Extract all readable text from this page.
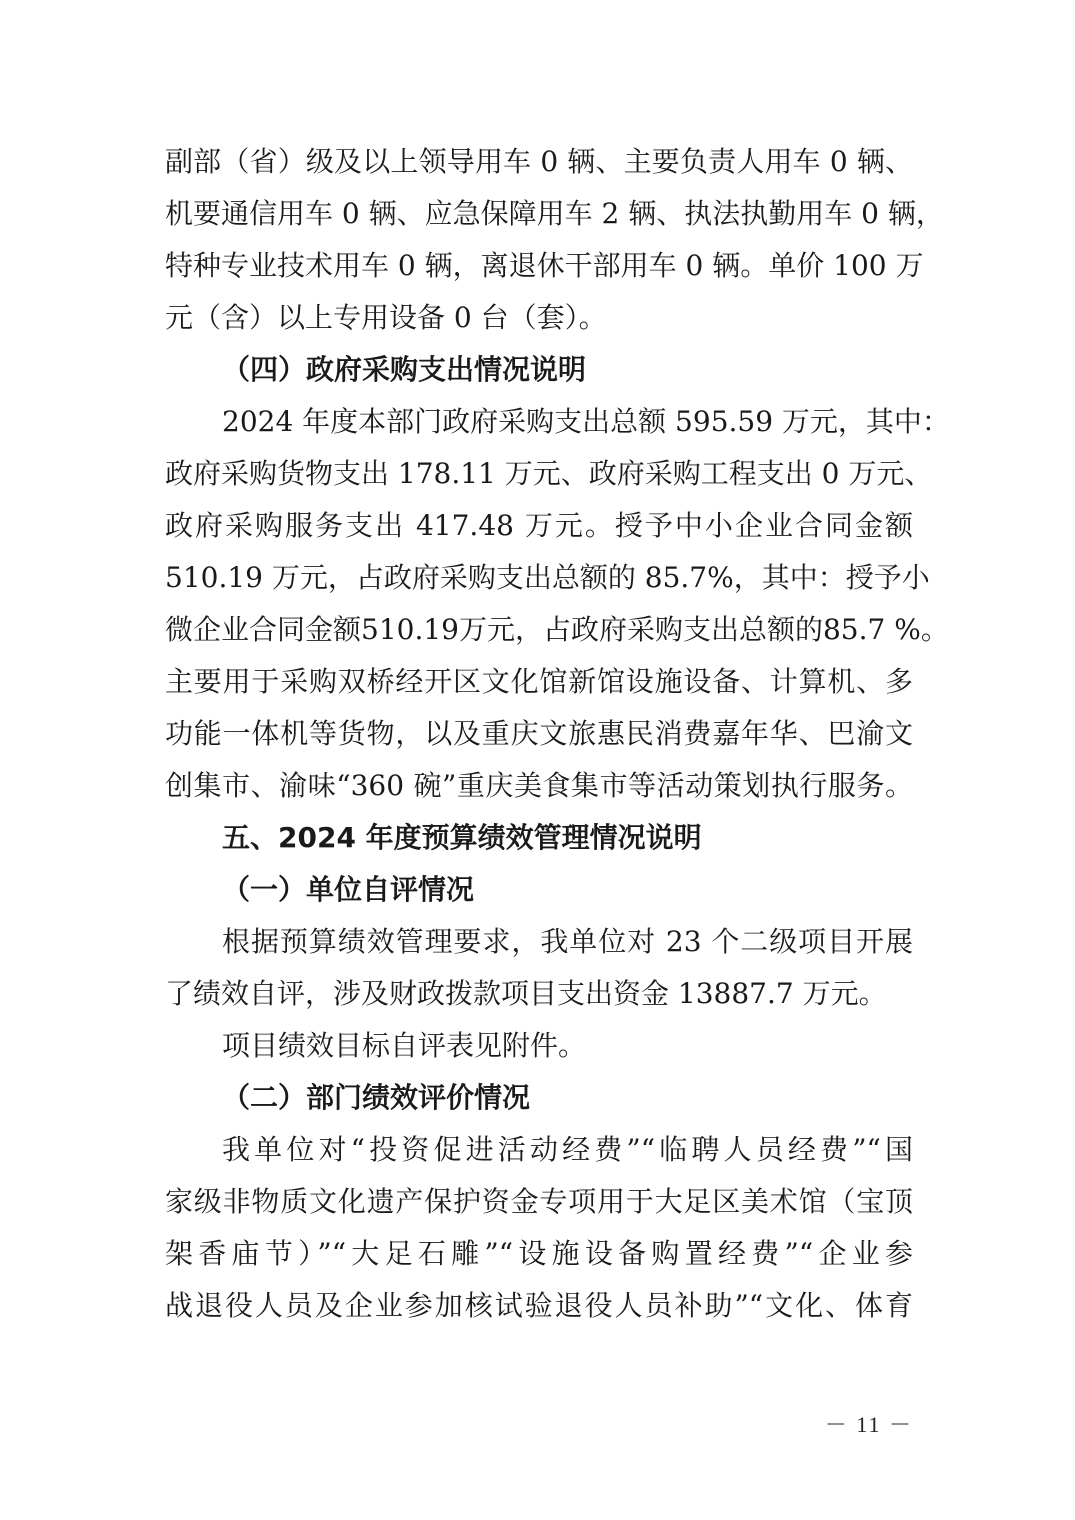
副部（省）级及以上领导用车 0 辆、主要负责人用车 0 辆、
机要通信用车 0 辆、应急保障用车 2 辆、执法执勤用车 0 辆，
特种专业技术用车 0 辆，离退休干部用车 0 辆。单价 100 万
元（含）以上专用设备 0 台（套）。
（四）政府采购支出情况说明
2024 年度本部门政府采购支出总额 595.59 万元，其中：
政府采购货物支出 178.11 万元、政府采购工程支出 0 万元、
政府采购服务支出 417.48 万元。授予中小企业合同金额
510.19 万元，占政府采购支出总额的 85.7%，其中：授予小
微企业合同金额510.19万元，占政府采购支出总额的85.7 %。
主要用于采购双桥经开区文化馆新馆设施设备、计算机、多
功能一体机等货物，以及重庆文旅惠民消费嘉年华、巴渝文
创集市、渝味“360 碗”重庆美食集市等活动策划执行服务。
五、2024 年度预算绩效管理情况说明
（一）单位自评情况
根据预算绩效管理要求，我单位对 23 个二级项目开展
了绩效自评，涉及财政拨款项目支出资金 13887.7 万元。
项目绩效目标自评表见附件。
（二）部门绩效评价情况
我单位对“投资促进活动经费”“临聘人员经费”“国
家级非物质文化遗产保护资金专项用于大足区美术馆（宝顶
架香庙节）”“大足石雕”“设施设备购置经费”“企业参
战退役人员及企业参加核试验退役人员补助”“文化、体育
－ 11 －
